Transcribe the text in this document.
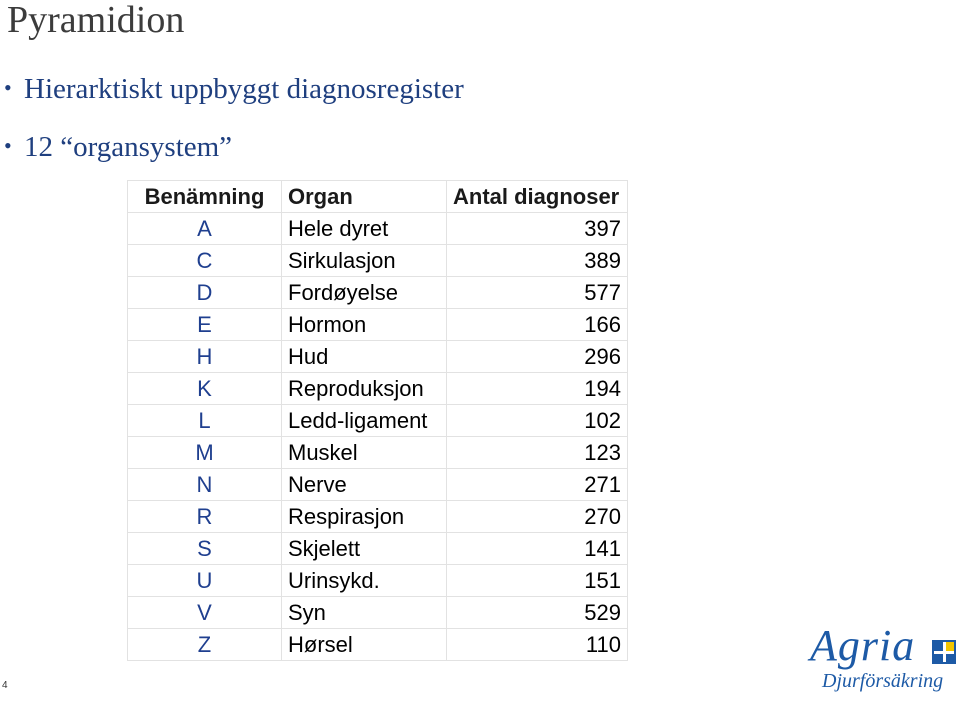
Pyramidion
• Hierarktiskt uppbyggt diagnosregister
• 12 “organsystem”
Benämning	Organ	Antal diagnoser
A	Hele dyret	397
C	Sirkulasjon	389
D	Fordøyelse	577
E	Hormon	166
H	Hud	296
K	Reproduksjon	194
L	Ledd-ligament	102
M	Muskel	123
N	Nerve	271
R	Respirasjon	270
S	Skjelett	141
U	Urinsykd.	151
V	Syn	529
Z	Hørsel	110
4
Agria
Djurförsäkring
